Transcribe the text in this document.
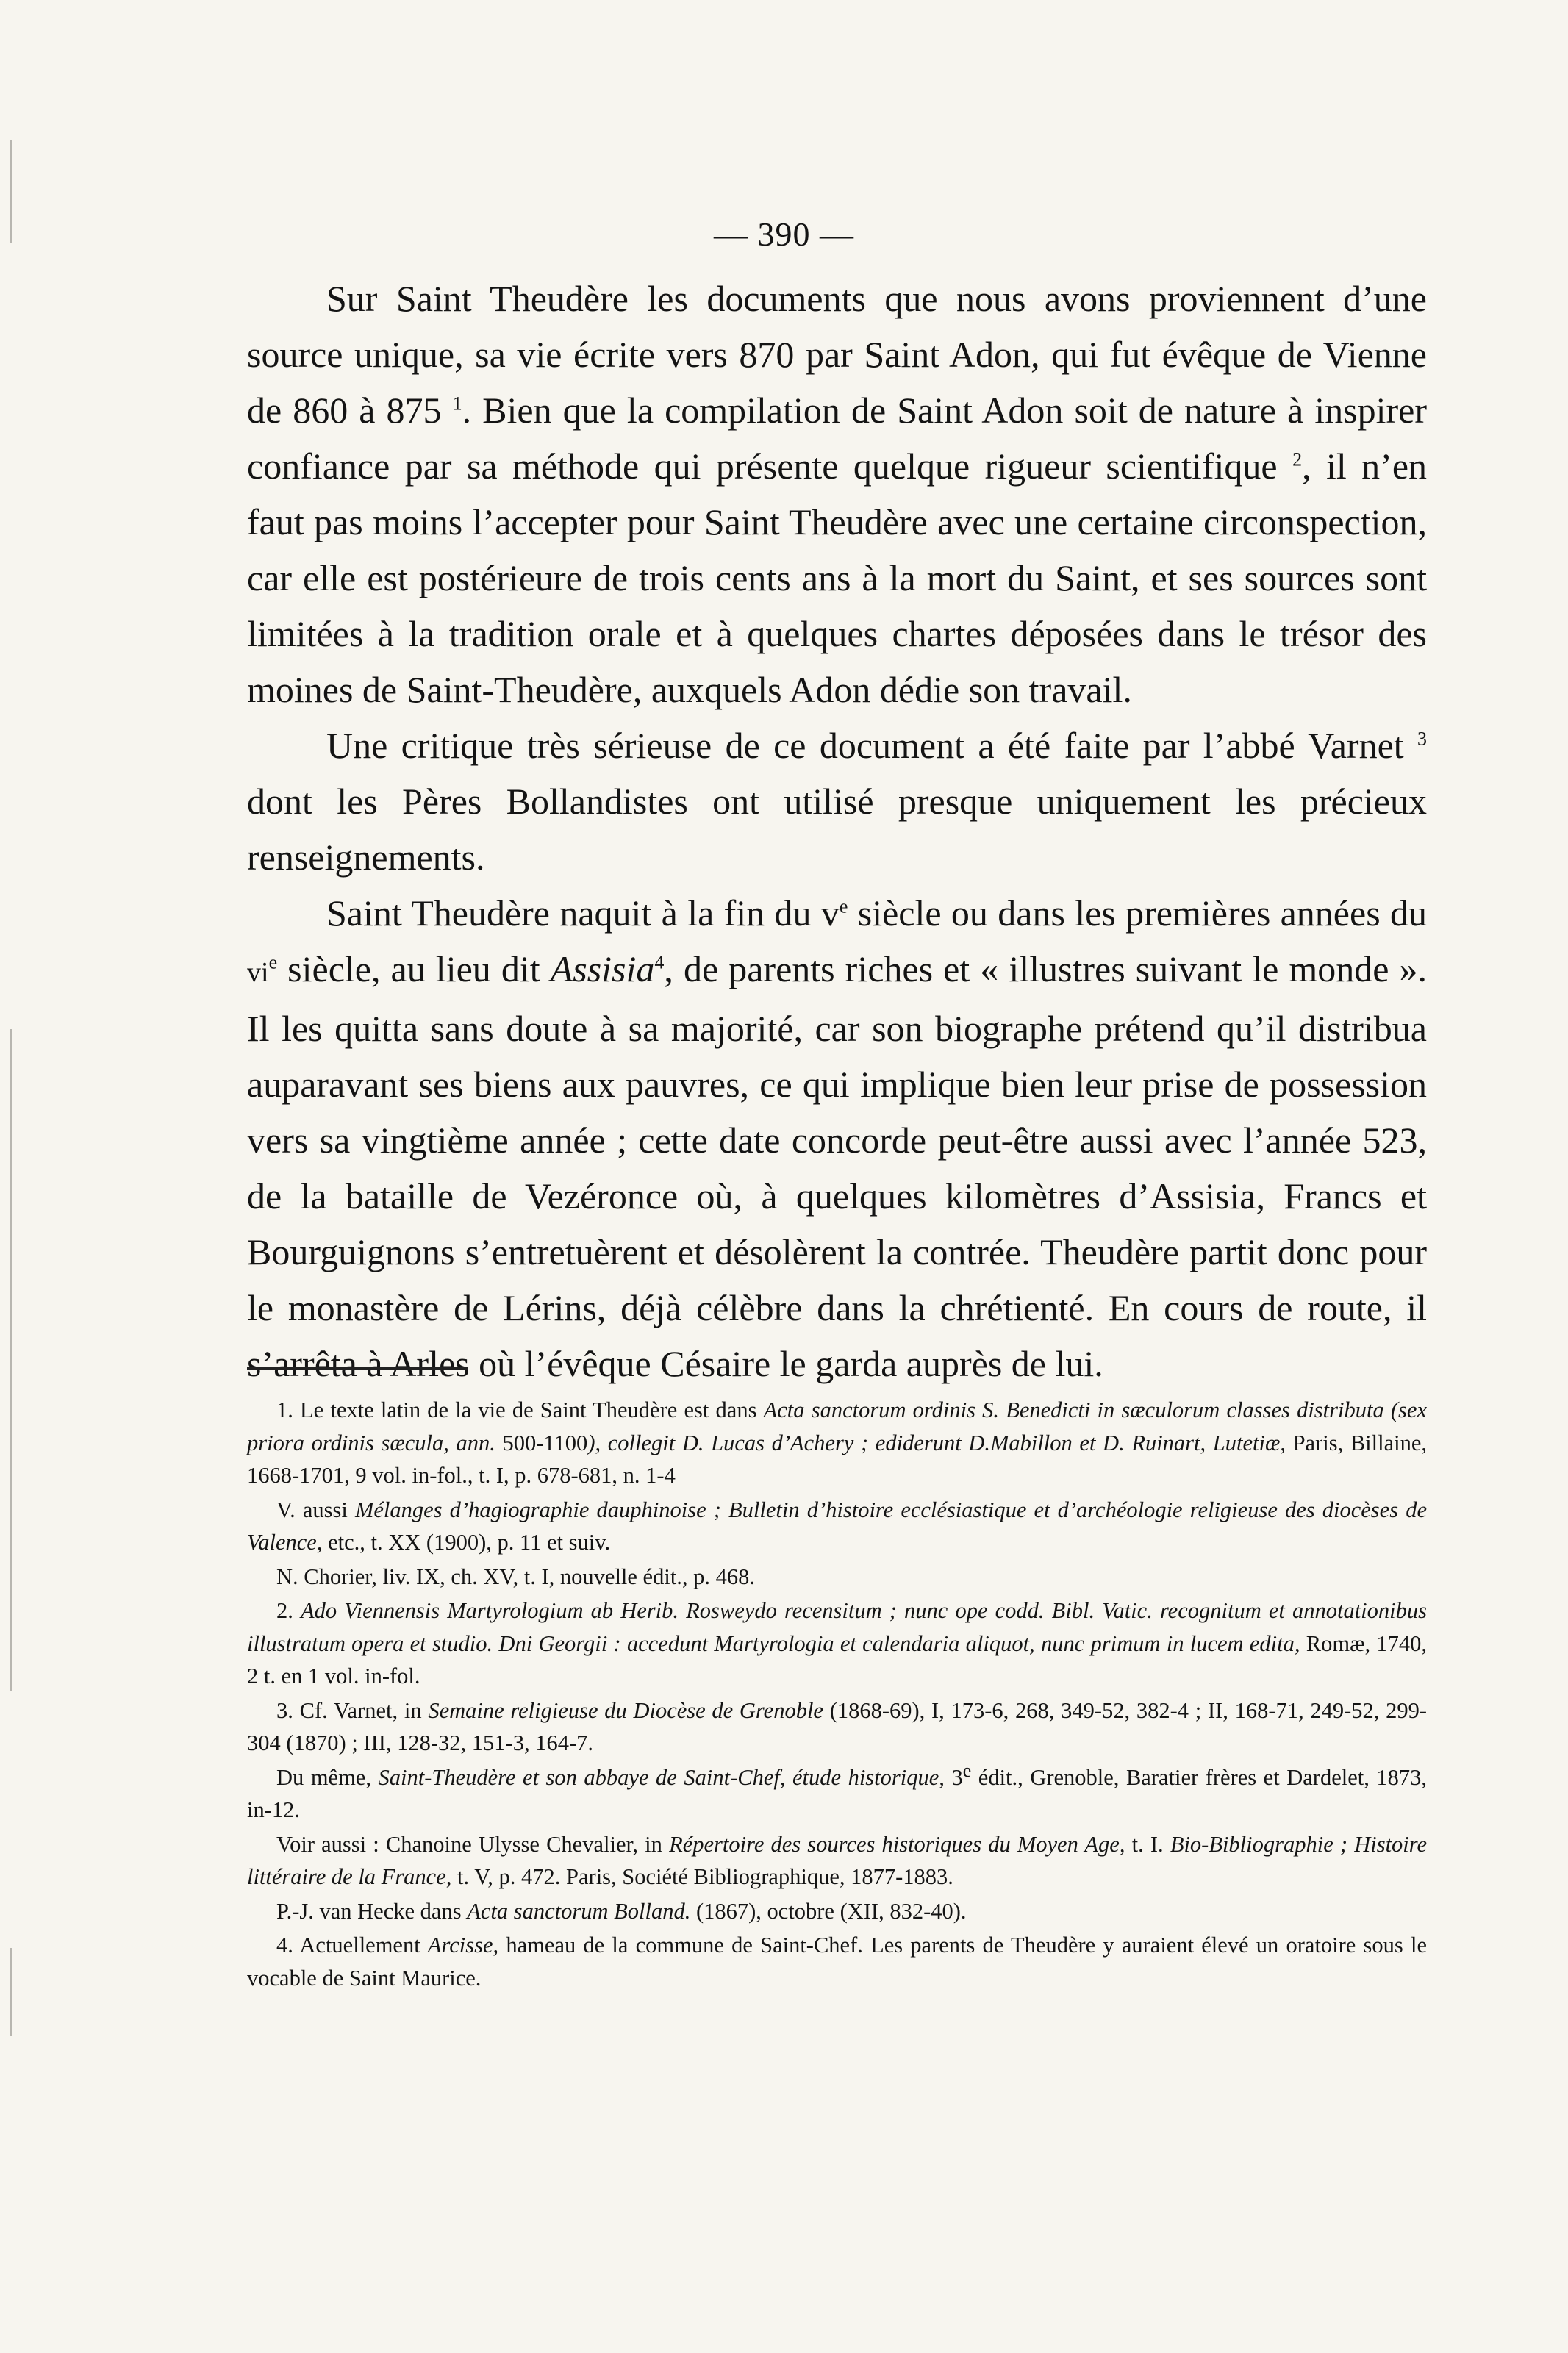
— 390 —

Sur Saint Theudère les documents que nous avons proviennent d’une source unique, sa vie écrite vers 870 par Saint Adon, qui fut évêque de Vienne de 860 à 875 $^1$. Bien que la compilation de Saint Adon soit de nature à inspirer confiance par sa méthode qui présente quelque rigueur scientifique $^2$, il n’en faut pas moins l’accepter pour Saint Theudère avec une certaine circonspection, car elle est postérieure de trois cents ans à la mort du Saint, et ses sources sont limitées à la tradition orale et à quelques chartes déposées dans le trésor des moines de Saint-Theudère, auxquels Adon dédie son travail.

Une critique très sérieuse de ce document a été faite par l’abbé Varnet $^3$ dont les Pères Bollandistes ont utilisé presque uniquement les précieux renseignements.

Saint Theudère naquit à la fin du $v^e$ siècle ou dans les premières années du $vi^e$ siècle, au lieu dit Assisia$^4$, de parents riches et « illustres suivant le monde ». Il les quitta sans doute à sa majorité, car son biographe prétend qu’il distribua auparavant ses biens aux pauvres, ce qui implique bien leur prise de possession vers sa vingtième année ; cette date concorde peut-être aussi avec l’année 523, de la bataille de Vezéronce où, à quelques kilomètres d’Assisia, Francs et Bourguignons s’entretuèrent et désolèrent la contrée. Theudère partit donc pour le monastère de Lérins, déjà célèbre dans la chrétienté. En cours de route, il s’arrêta à Arles où l’évêque Césaire le garda auprès de lui.

1. Le texte latin de la vie de Saint Theudère est dans Acta sanctorum ordinis S. Benedicti in sæculorum classes distributa (sex priora ordinis sæcula, ann. 500-1100), collegit D. Lucas d’Achery ; ediderunt D.Mabillon et D. Ruinart, Lutetiæ, Paris, Billaine, 1668-1701, 9 vol. in-fol., t. I, p. 678-681, n. 1-4

V. aussi Mélanges d’hagiographie dauphinoise ; Bulletin d’histoire ecclésiastique et d’archéologie religieuse des diocèses de Valence, etc., t. XX (1900), p. 11 et suiv.

N. Chorier, liv. IX, ch. XV, t. I, nouvelle édit., p. 468.

2. Ado Viennensis Martyrologium ab Herib. Rosweydo recensitum ; nunc ope codd. Bibl. Vatic. recognitum et annotationibus illustratum opera et studio. Dni Georgii : accedunt Martyrologia et calendaria aliquot, nunc primum in lucem edita, Romæ, 1740, 2 t. en 1 vol. in-fol.

3. Cf. Varnet, in Semaine religieuse du Diocèse de Grenoble (1868-69), I, 173-6, 268, 349-52, 382-4 ; II, 168-71, 249-52, 299-304 (1870) ; III, 128-32, 151-3, 164-7.

Du même, Saint-Theudère et son abbaye de Saint-Chef, étude historique, 3e édit., Grenoble, Baratier frères et Dardelet, 1873, in-12.

Voir aussi : Chanoine Ulysse Chevalier, in Répertoire des sources historiques du Moyen Age, t. I. Bio-Bibliographie ; Histoire littéraire de la France, t. V, p. 472. Paris, Société Bibliographique, 1877-1883.

P.-J. van Hecke dans Acta sanctorum Bolland. (1867), octobre (XII, 832-40).

4. Actuellement Arcisse, hameau de la commune de Saint-Chef. Les parents de Theudère y auraient élevé un oratoire sous le vocable de Saint Maurice.
